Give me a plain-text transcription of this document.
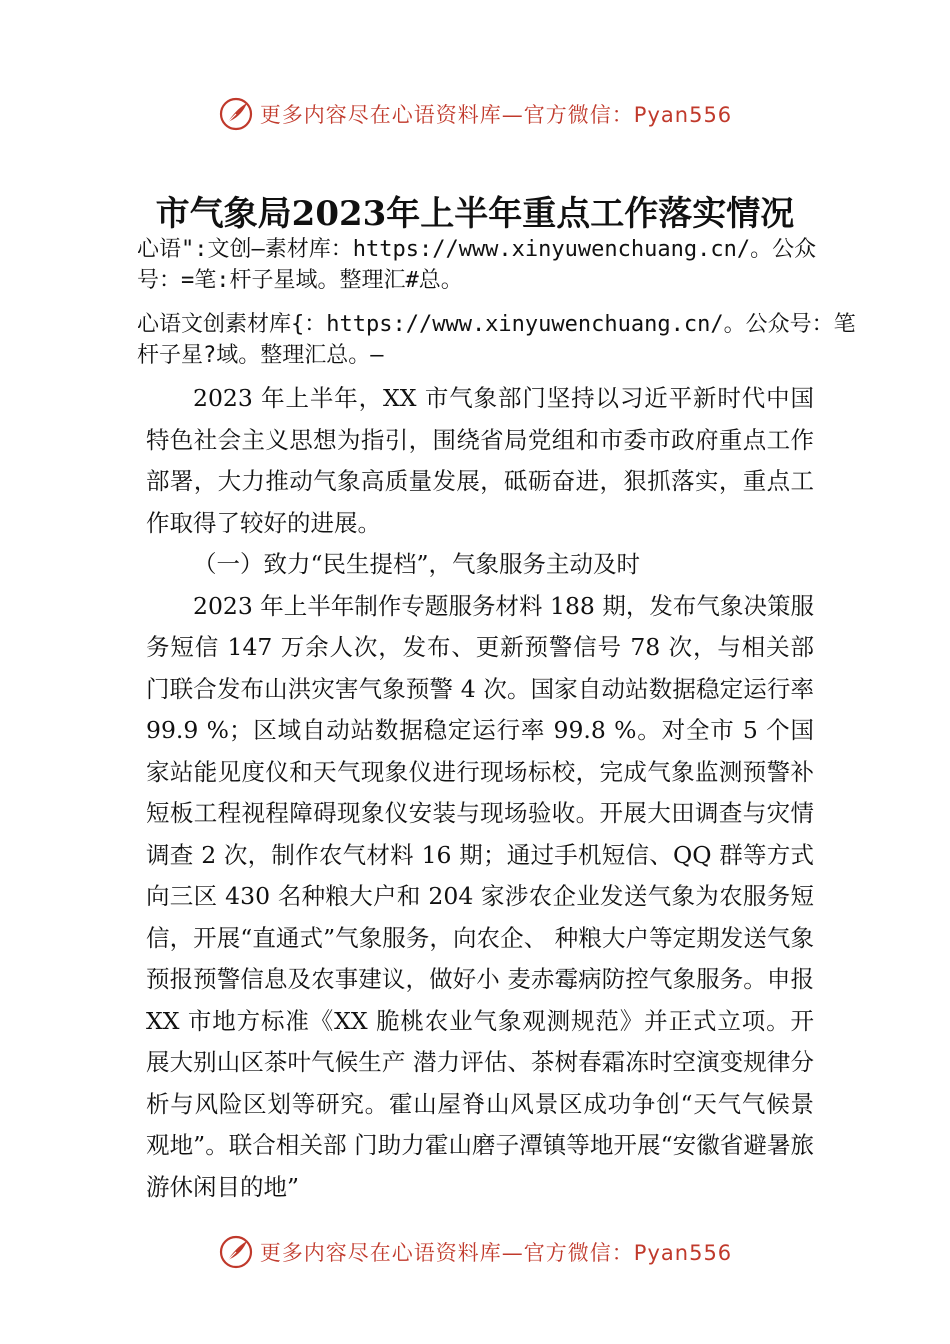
更多内容尽在心语资料库—官方微信：Pyan556
市气象局2023年上半年重点工作落实情况

心语":文创—素材库：https://www.xinyuwenchuang.cn/。公众号：=笔:杆子星域。整理汇#总。

心语文创素材库{：https://www.xinyuwenchuang.cn/。公众号：笔杆子星?域。整理汇总。—

2023 年上半年，XX 市气象部门坚持以习近平新时代中国特色社会主义思想为指引，围绕省局党组和市委市政府重点工作部署，大力推动气象高质量发展，砥砺奋进，狠抓落实，重点工作取得了较好的进展。

（一）致力“民生提档”，气象服务主动及时

2023 年上半年制作专题服务材料 188 期，发布气象决策服务短信 147 万余人次，发布、更新预警信号 78 次，与相关部门联合发布山洪灾害气象预警 4 次。国家自动站数据稳定运行率 99.9 %；区域自动站数据稳定运行率 99.8 %。对全市 5 个国家站能见度仪和天气现象仪进行现场标校，完成气象监测预警补短板工程视程障碍现象仪安装与现场验收。开展大田调查与灾情调查 2 次，制作农气材料 16 期；通过手机短信、QQ 群等方式向三区 430 名种粮大户和 204 家涉农企业发送气象为农服务短信，开展“直通式”气象服务，向农企、 种粮大户等定期发送气象预报预警信息及农事建议，做好小 麦赤霉病防控气象服务。申报 XX 市地方标准《XX 脆桃农业气象观测规范》并正式立项。开展大别山区茶叶气候生产 潜力评估、茶树春霜冻时空演变规律分析与风险区划等研究。霍山屋脊山风景区成功争创“天气气候景观地”。联合相关部 门助力霍山磨子潭镇等地开展“安徽省避暑旅游休闲目的地”

更多内容尽在心语资料库—官方微信：Pyan556
